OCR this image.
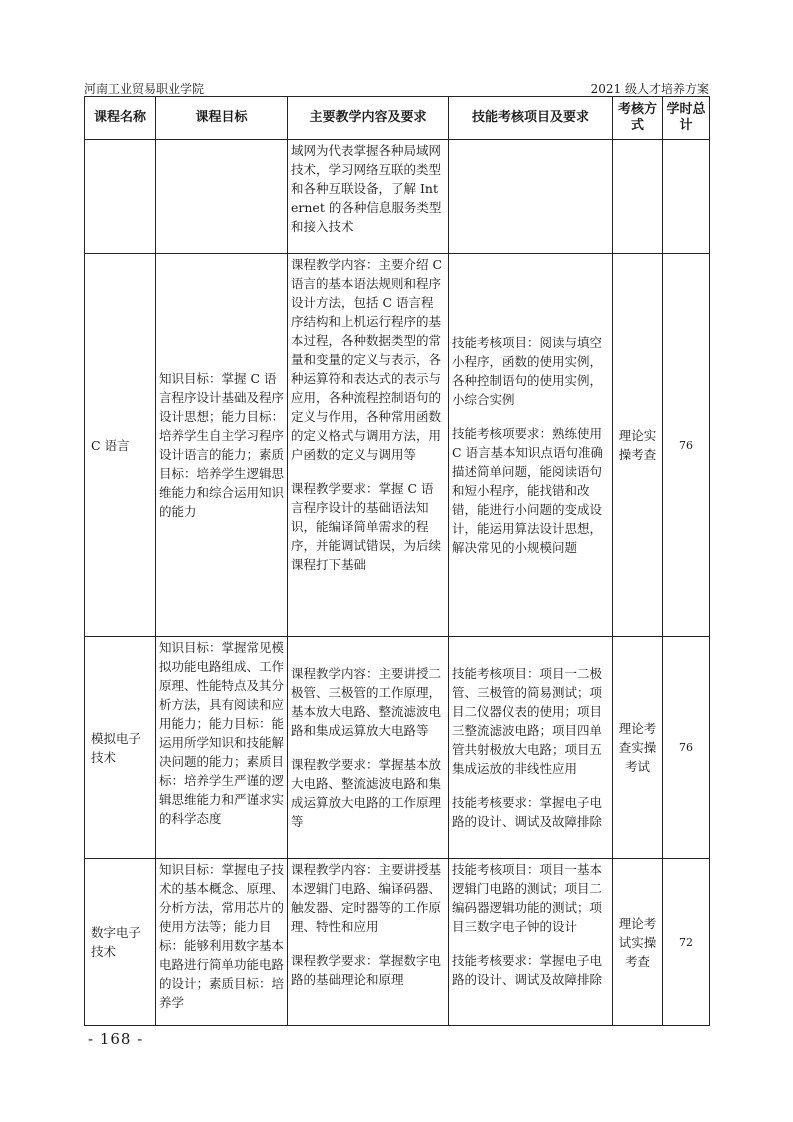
河南工业贸易职业学院	2021 级人才培养方案
课程名称	课程目标	主要教学内容及要求	技能考核项目及要求	考核方式	学时总计

		域网为代表掌握各种局域网技术，学习网络互联的类型和各种互联设备，了解 Internet 的各种信息服务类型和接入技术			

C 语言	知识目标：掌握 C 语言程序设计基础及程序设计思想；能力目标：培养学生自主学习程序设计语言的能力；素质目标：培养学生逻辑思维能力和综合运用知识的能力	课程教学内容：主要介绍 C 语言的基本语法规则和程序设计方法，包括 C 语言程序结构和上机运行程序的基本过程，各种数据类型的常量和变量的定义与表示，各种运算符和表达式的表示与应用，各种流程控制语句的定义与作用，各种常用函数的定义格式与调用方法，用户函数的定义与调用等
课程教学要求：掌握 C 语言程序设计的基础语法知识，能编译简单需求的程序，并能调试错误，为后续课程打下基础	技能考核项目：阅读与填空小程序，函数的使用实例，各种控制语句的使用实例，小综合实例
技能考核项要求：熟练使用 C 语言基本知识点语句准确描述简单问题，能阅读语句和短小程序，能找错和改错，能进行小问题的变成设计，能运用算法设计思想，解决常见的小规模问题	理论实操考查	76
模拟电子技术	知识目标：掌握常见模拟功能电路组成、工作原理、性能特点及其分析方法，具有阅读和应用能力；能力目标：能运用所学知识和技能解决问题的能力；素质目标：培养学生严谨的逻辑思维能力和严谨求实的科学态度	课程教学内容：主要讲授二极管、三极管的工作原理，基本放大电路、整流滤波电路和集成运算放大电路等
课程教学要求：掌握基本放大电路、整流滤波电路和集成运算放大电路的工作原理等	技能考核项目：项目一二极管、三极管的简易测试；项目二仪器仪表的使用；项目三整流滤波电路；项目四单管共射极放大电路；项目五集成运放的非线性应用
技能考核要求：掌握电子电路的设计、调试及故障排除	理论考查实操考试	76
数字电子技术	知识目标：掌握电子技术的基本概念、原理、分析方法，常用芯片的使用方法等；能力目标：能够利用数字基本电路进行简单功能电路的设计；素质目标：培养学	课程教学内容：主要讲授基本逻辑门电路、编译码器、触发器、定时器等的工作原理、特性和应用
课程教学要求：掌握数字电路的基础理论和原理	技能考核项目：项目一基本逻辑门电路的测试；项目二编码器逻辑功能的测试；项目三数字电子钟的设计
技能考核要求：掌握电子电路的设计、调试及故障排除	理论考试实操考查	72
- 168 -
